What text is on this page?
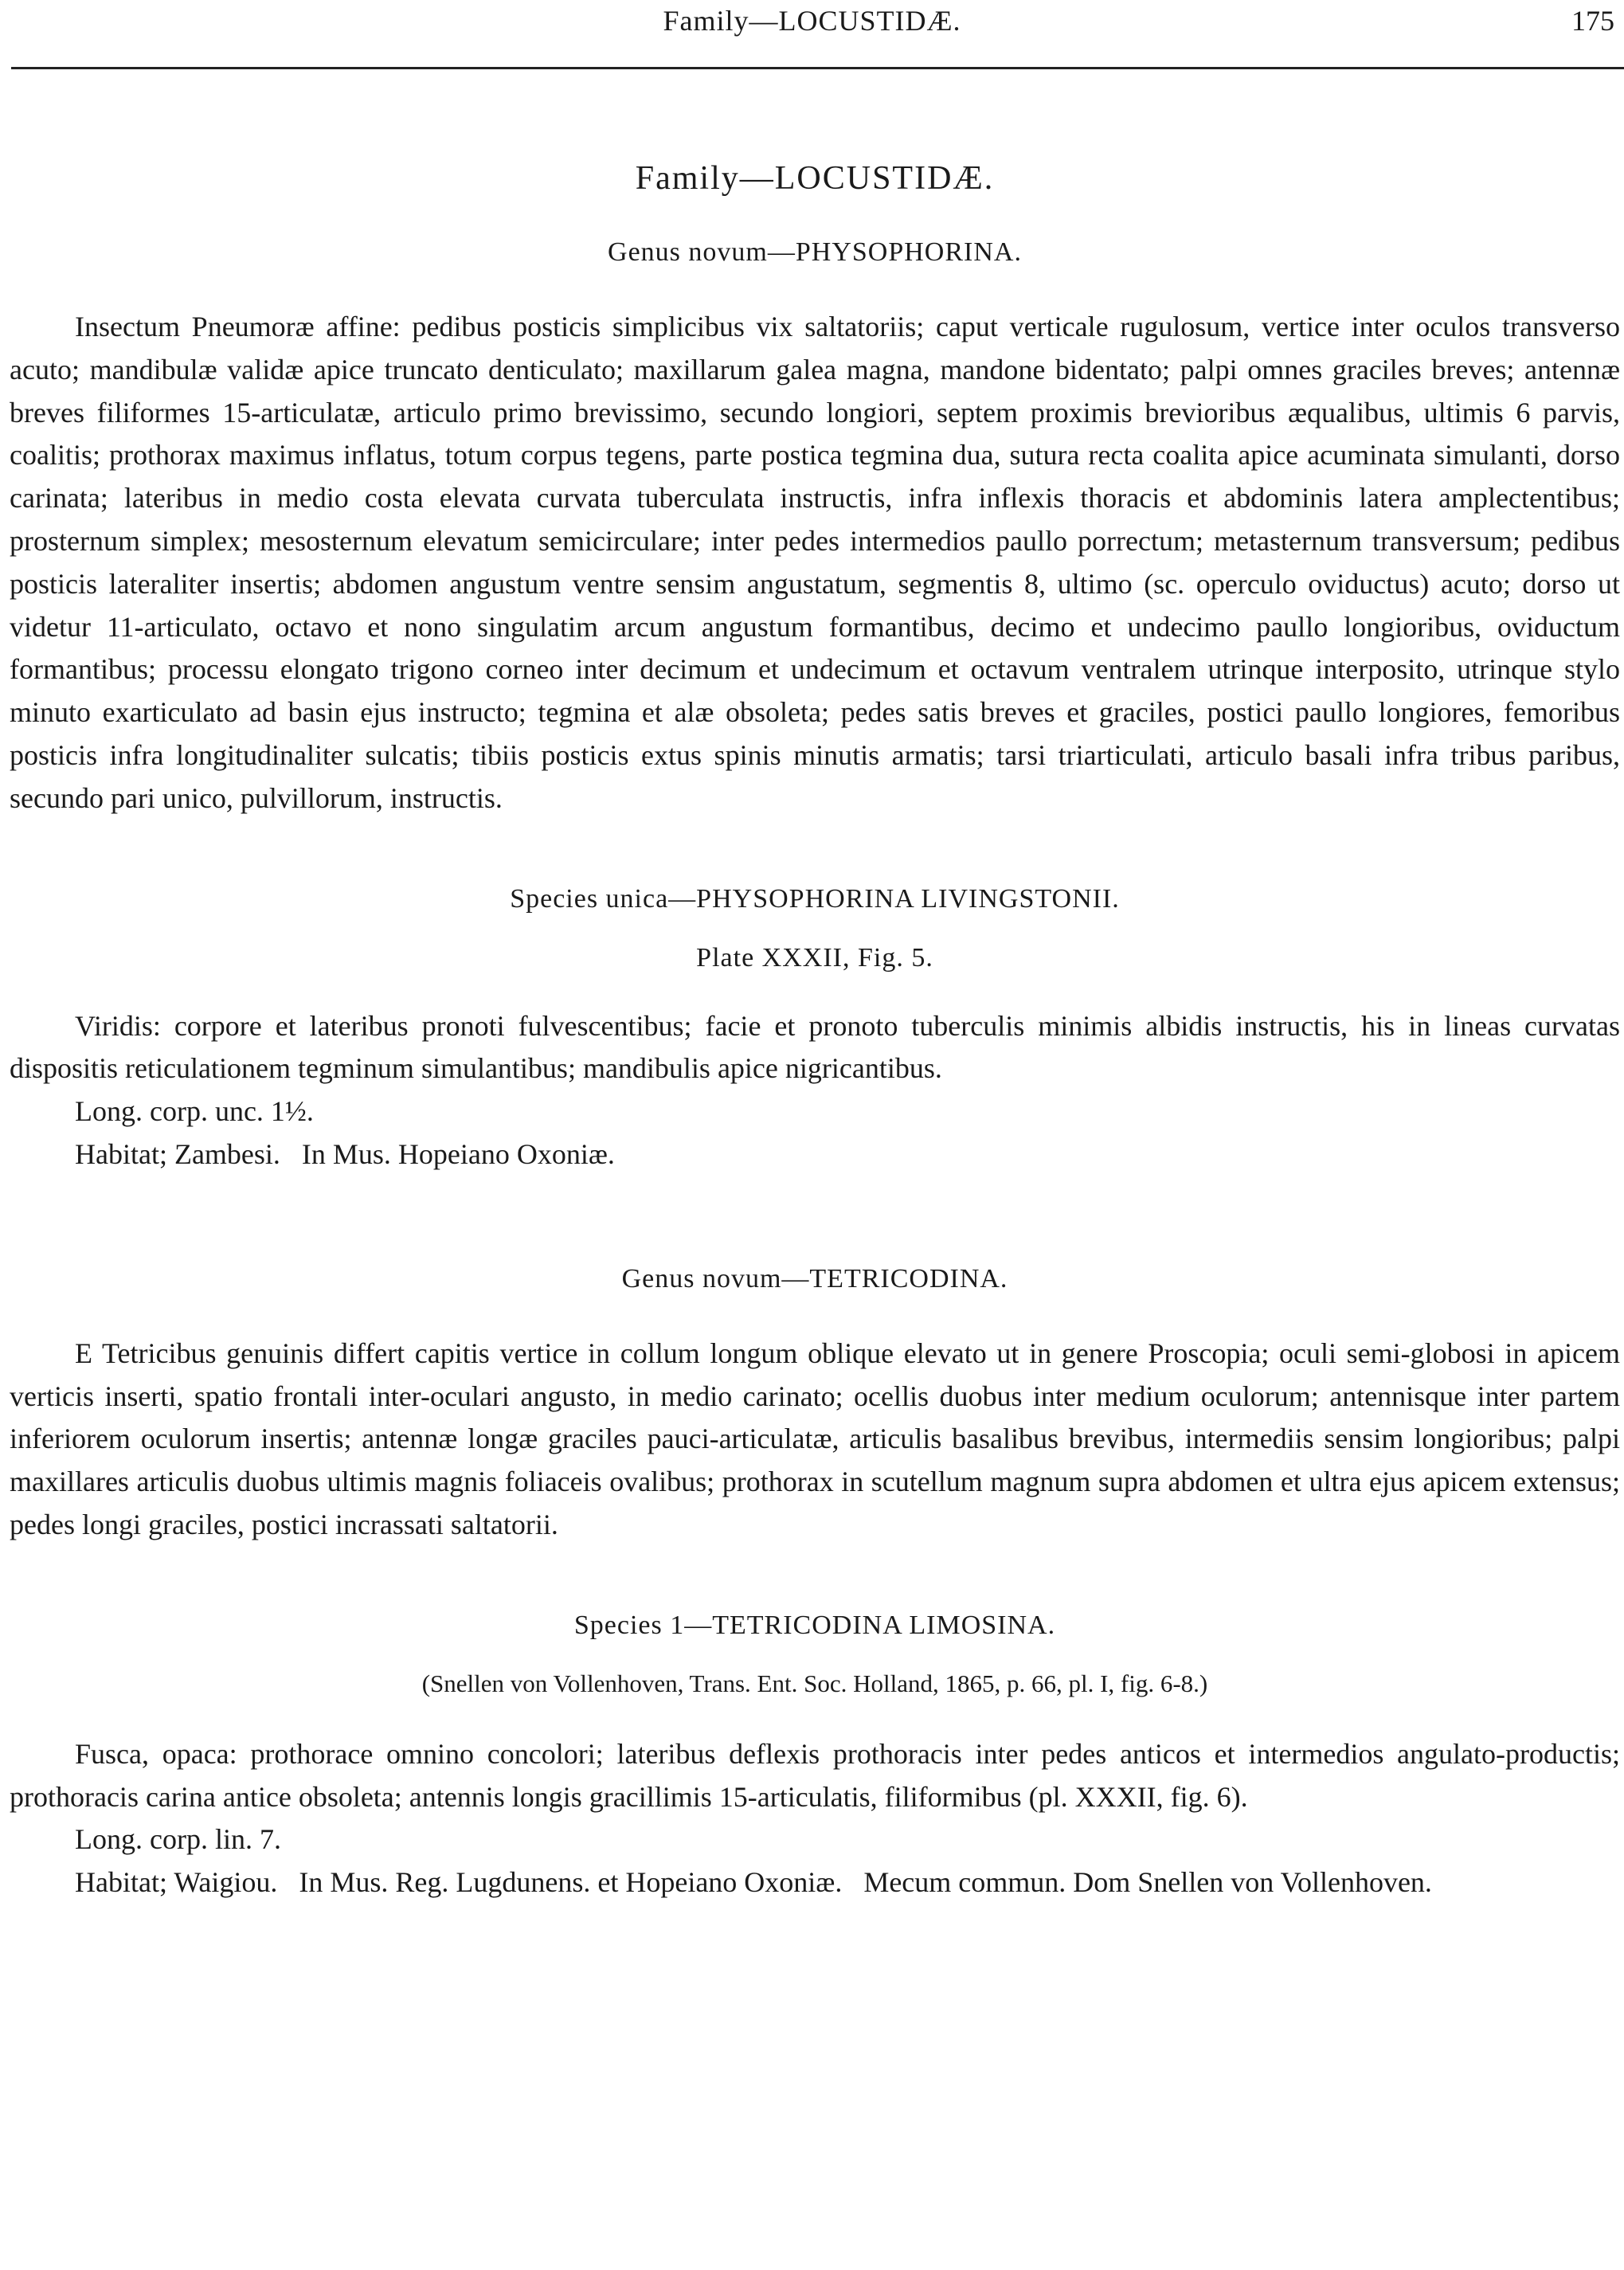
Family—LOCUSTIDÆ.	175
Family—LOCUSTIDÆ.
Genus novum—PHYSOPHORINA.

Insectum Pneumoræ affine: pedibus posticis simplicibus vix saltatoriis; caput verticale rugulosum, vertice inter oculos transverso acuto; mandibulæ validæ apice truncato denticulato; maxillarum galea magna, mandone bidentato; palpi omnes graciles breves; antennæ breves filiformes 15-articulatæ, articulo primo brevissimo, secundo longiori, septem proximis brevioribus æqualibus, ultimis 6 parvis, coalitis; prothorax maximus inflatus, totum corpus tegens, parte postica tegmina dua, sutura recta coalita apice acuminata simulanti, dorso carinata; lateribus in medio costa elevata curvata tuberculata instructis, infra inflexis thoracis et abdominis latera amplectentibus; prosternum simplex; mesosternum elevatum semicirculare; inter pedes intermedios paullo porrectum; metasternum transversum; pedibus posticis lateraliter insertis; abdomen angustum ventre sensim angustatum, segmentis 8, ultimo (sc. operculo oviductus) acuto; dorso ut videtur 11-articulato, octavo et nono singulatim arcum angustum formantibus, decimo et undecimo paullo longioribus, oviductum formantibus; processu elongato trigono corneo inter decimum et undecimum et octavum ventralem utrinque interposito, utrinque stylo minuto exarticulato ad basin ejus instructo; tegmina et alæ obsoleta; pedes satis breves et graciles, postici paullo longiores, femoribus posticis infra longitudinaliter sulcatis; tibiis posticis extus spinis minutis armatis; tarsi triarticulati, articulo basali infra tribus paribus, secundo pari unico, pulvillorum, instructis.

Species unica—PHYSOPHORINA LIVINGSTONII.
Plate XXXII, Fig. 5.

Viridis: corpore et lateribus pronoti fulvescentibus; facie et pronoto tuberculis minimis albidis instructis, his in lineas curvatas dispositis reticulationem tegminum simulantibus; mandibulis apice nigricantibus.

Long. corp. unc. 1½.

Habitat; Zambesi.   In Mus. Hopeiano Oxoniæ.

Genus novum—TETRICODINA.

E Tetricibus genuinis differt capitis vertice in collum longum oblique elevato ut in genere Proscopia; oculi semi-globosi in apicem verticis inserti, spatio frontali inter-oculari angusto, in medio carinato; ocellis duobus inter medium oculorum; antennisque inter partem inferiorem oculorum insertis; antennæ longæ graciles pauci-articulatæ, articulis basalibus brevibus, intermediis sensim longioribus; palpi maxillares articulis duobus ultimis magnis foliaceis ovalibus; prothorax in scutellum magnum supra abdomen et ultra ejus apicem extensus; pedes longi graciles, postici incrassati saltatorii.

Species 1—TETRICODINA LIMOSINA.
(Snellen von Vollenhoven, Trans. Ent. Soc. Holland, 1865, p. 66, pl. I, fig. 6-8.)

Fusca, opaca: prothorace omnino concolori; lateribus deflexis prothoracis inter pedes anticos et intermedios angulato-productis; prothoracis carina antice obsoleta; antennis longis gracillimis 15-articulatis, filiformibus (pl. XXXII, fig. 6).

Long. corp. lin. 7.

Habitat; Waigiou.   In Mus. Reg. Lugdunens. et Hopeiano Oxoniæ.   Mecum commun. Dom Snellen von Vollenhoven.
